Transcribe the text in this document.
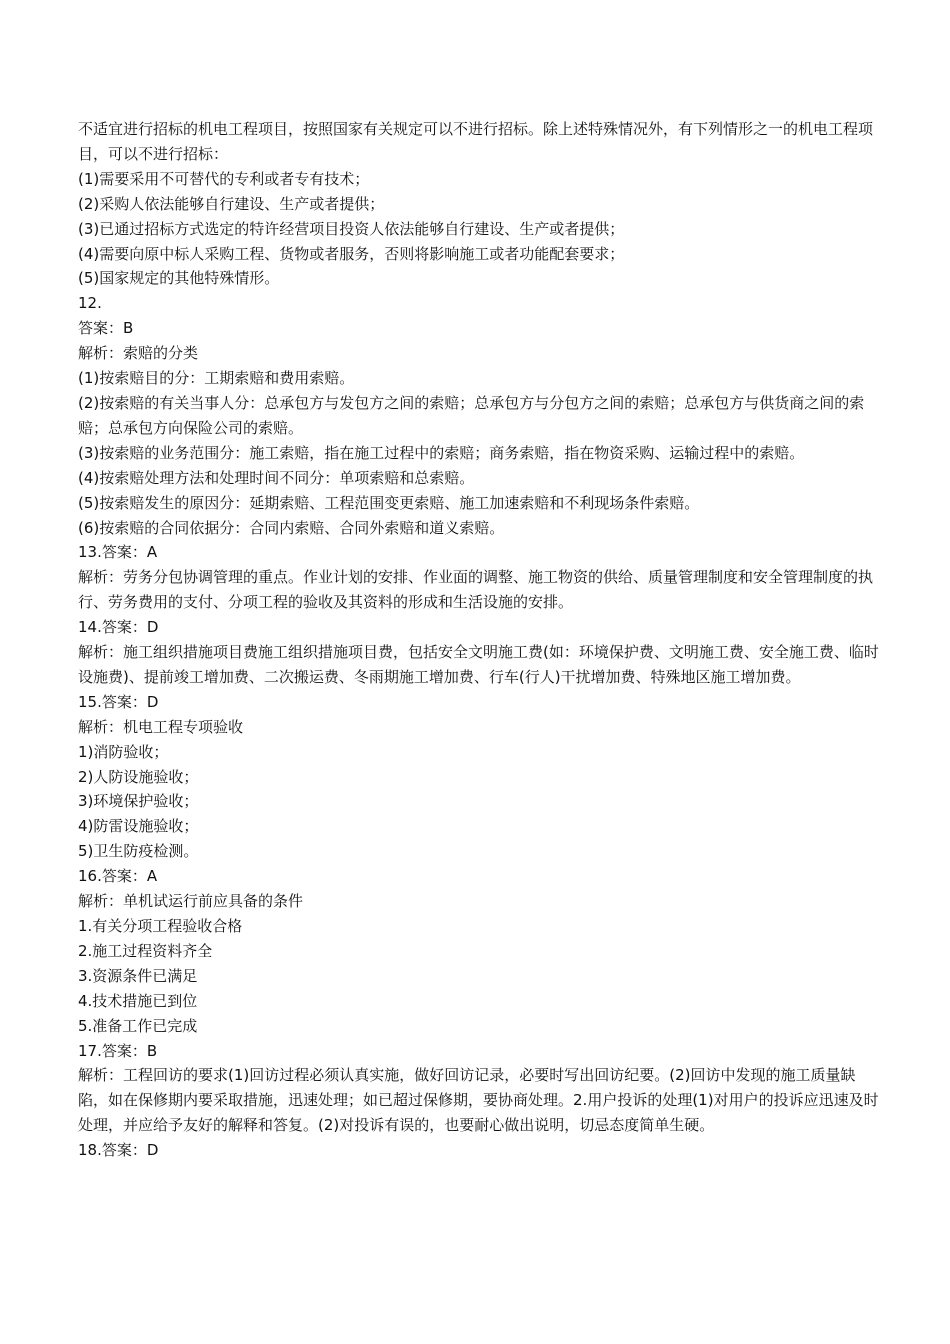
不适宜进行招标的机电工程项目，按照国家有关规定可以不进行招标。除上述特殊情况外，有下列情形之一的机电工程项目，可以不进行招标：

(1)需要采用不可替代的专利或者专有技术；

(2)采购人依法能够自行建设、生产或者提供；

(3)已通过招标方式选定的特许经营项目投资人依法能够自行建设、生产或者提供；

(4)需要向原中标人采购工程、货物或者服务，否则将影响施工或者功能配套要求；

(5)国家规定的其他特殊情形。

12.

答案：B

解析：索赔的分类

(1)按索赔目的分：工期索赔和费用索赔。

(2)按索赔的有关当事人分：总承包方与发包方之间的索赔；总承包方与分包方之间的索赔；总承包方与供货商之间的索赔；总承包方向保险公司的索赔。

(3)按索赔的业务范围分：施工索赔，指在施工过程中的索赔；商务索赔，指在物资采购、运输过程中的索赔。

(4)按索赔处理方法和处理时间不同分：单项索赔和总索赔。

(5)按索赔发生的原因分：延期索赔、工程范围变更索赔、施工加速索赔和不利现场条件索赔。

(6)按索赔的合同依据分：合同内索赔、合同外索赔和道义索赔。

13.答案：A

解析：劳务分包协调管理的重点。作业计划的安排、作业面的调整、施工物资的供给、质量管理制度和安全管理制度的执行、劳务费用的支付、分项工程的验收及其资料的形成和生活设施的安排。

14.答案：D

解析：施工组织措施项目费施工组织措施项目费，包括安全文明施工费(如：环境保护费、文明施工费、安全施工费、临时设施费)、提前竣工增加费、二次搬运费、冬雨期施工增加费、行车(行人)干扰增加费、特殊地区施工增加费。

15.答案：D

解析：机电工程专项验收

1)消防验收；

2)人防设施验收；

3)环境保护验收；

4)防雷设施验收；

5)卫生防疫检测。

16.答案：A

解析：单机试运行前应具备的条件

1.有关分项工程验收合格

2.施工过程资料齐全

3.资源条件已满足

4.技术措施已到位

5.准备工作已完成

17.答案：B

解析：工程回访的要求(1)回访过程必须认真实施，做好回访记录，必要时写出回访纪要。(2)回访中发现的施工质量缺陷，如在保修期内要采取措施，迅速处理；如已超过保修期，要协商处理。2.用户投诉的处理(1)对用户的投诉应迅速及时处理，并应给予友好的解释和答复。(2)对投诉有误的，也要耐心做出说明，切忌态度简单生硬。

18.答案：D
